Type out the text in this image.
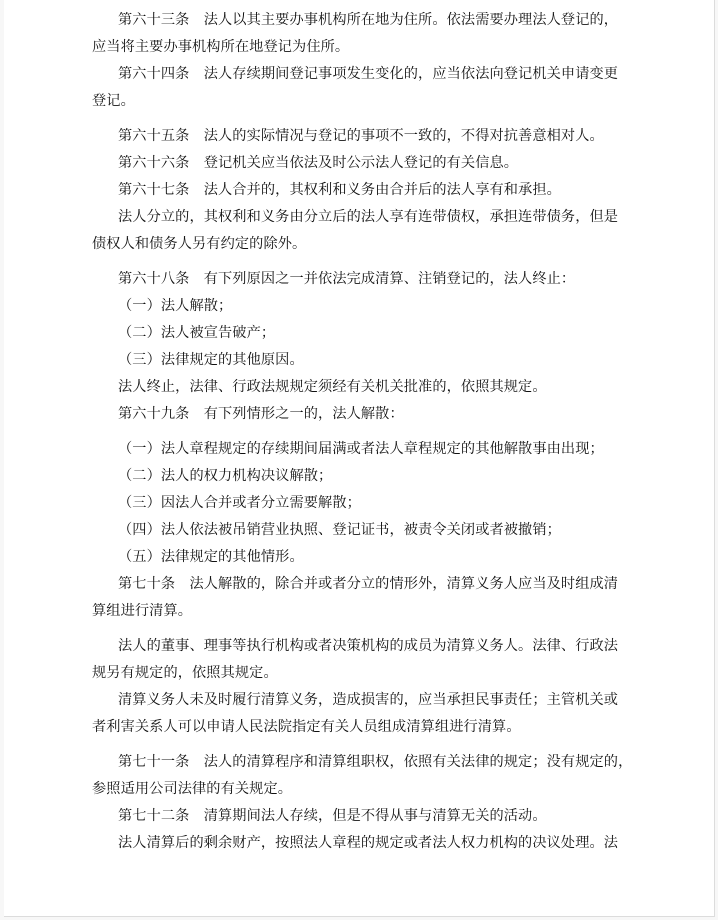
第六十三条　法人以其主要办事机构所在地为住所。依法需要办理法人登记的，
应当将主要办事机构所在地登记为住所。
第六十四条　法人存续期间登记事项发生变化的，应当依法向登记机关申请变更
登记。
第六十五条　法人的实际情况与登记的事项不一致的，不得对抗善意相对人。
第六十六条　登记机关应当依法及时公示法人登记的有关信息。
第六十七条　法人合并的，其权利和义务由合并后的法人享有和承担。
法人分立的，其权利和义务由分立后的法人享有连带债权，承担连带债务，但是
债权人和债务人另有约定的除外。
第六十八条　有下列原因之一并依法完成清算、注销登记的，法人终止：
（一）法人解散；
（二）法人被宣告破产；
（三）法律规定的其他原因。
法人终止，法律、行政法规规定须经有关机关批准的，依照其规定。
第六十九条　有下列情形之一的，法人解散：
（一）法人章程规定的存续期间届满或者法人章程规定的其他解散事由出现；
（二）法人的权力机构决议解散；
（三）因法人合并或者分立需要解散；
（四）法人依法被吊销营业执照、登记证书，被责令关闭或者被撤销；
（五）法律规定的其他情形。
第七十条　法人解散的，除合并或者分立的情形外，清算义务人应当及时组成清
算组进行清算。
法人的董事、理事等执行机构或者决策机构的成员为清算义务人。法律、行政法
规另有规定的，依照其规定。
清算义务人未及时履行清算义务，造成损害的，应当承担民事责任；主管机关或
者利害关系人可以申请人民法院指定有关人员组成清算组进行清算。
第七十一条　法人的清算程序和清算组职权，依照有关法律的规定；没有规定的，
参照适用公司法律的有关规定。
第七十二条　清算期间法人存续，但是不得从事与清算无关的活动。
法人清算后的剩余财产，按照法人章程的规定或者法人权力机构的决议处理。法
